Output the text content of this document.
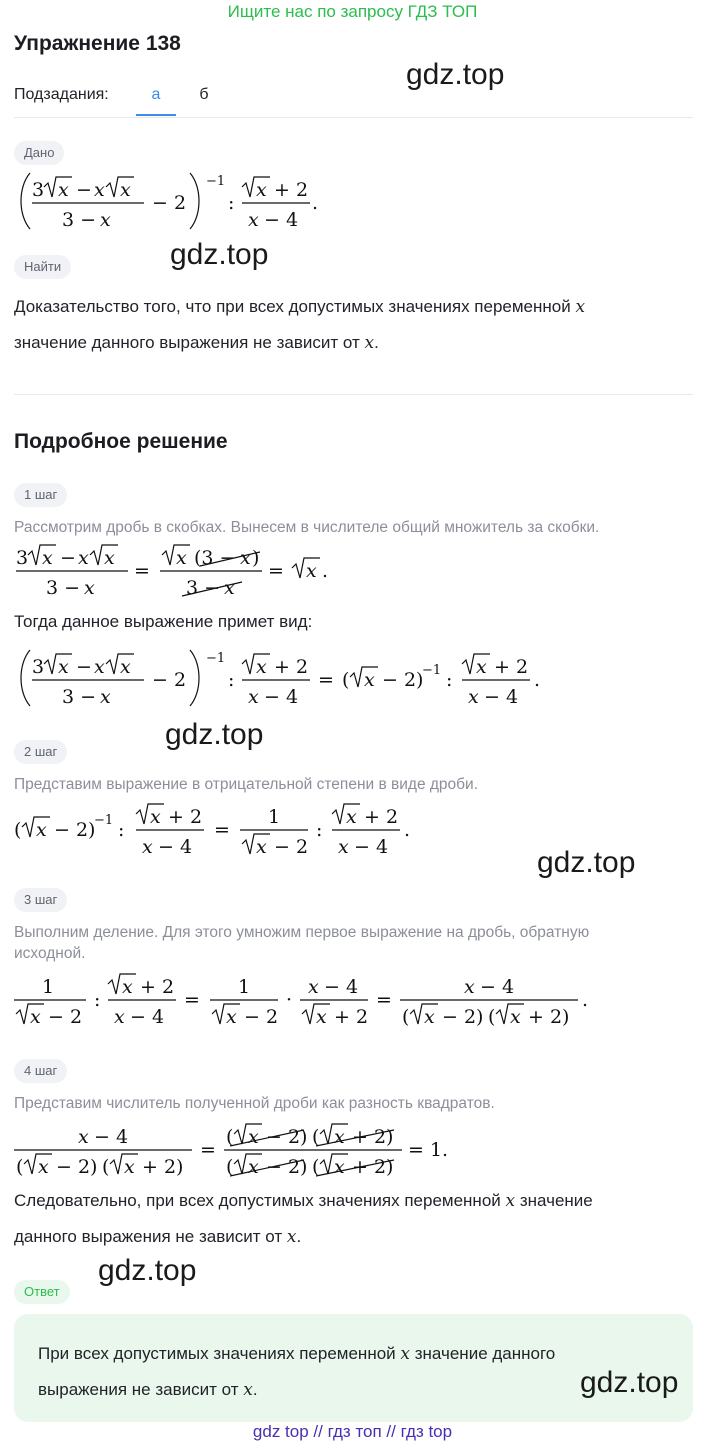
Ищите нас по запросу ГДЗ ТОП
Упражнение 138
Подзадания:	а	б
gdz.top
Дано
3 x − x x
3 − x
− 2
−1
:
x + 2
x − 4
.
gdz.top
Найти
Доказательство того, что при всех допустимых значениях переменной x
значение данного выражения не зависит от x.
Подробное решение
1 шаг
Рассмотрим дробь в скобках. Вынесем в числителе общий множитель за скобки.
3 x − x x
3 − x
=
x (3 − x )
3 − x
= x .
Тогда данное выражение примет вид:
3 x − x x
3 − x
− 2
−1
:
x + 2
x − 4
= ( x − 2)
−1 :
x + 2
x − 4
.
gdz.top
2 шаг
Представим выражение в отрицательной степени в виде дроби.
( x − 2)
−1 :
x + 2
x − 4
=
1
x − 2
:
x + 2
x − 4
.
gdz.top
3 шаг
Выполним деление. Для этого умножим первое выражение на дробь, обратную
исходной.
1
x − 2
:
x + 2
x − 4
=
1
x − 2
·
x − 4
x + 2
=
x − 4
( x − 2) ( x + 2)
.
4 шаг
Представим числитель полученной дроби как разность квадратов.
x − 4
( x − 2) ( x + 2)
=
( x − 2) ( x + 2)
( x − 2) ( x + 2)
= 1.
Следовательно, при всех допустимых значениях переменной x значение
данного выражения не зависит от x.
gdz.top
Ответ
При всех допустимых значениях переменной x значение данного
выражения не зависит от x.	gdz.top
gdz top // гдз топ // гдз top
